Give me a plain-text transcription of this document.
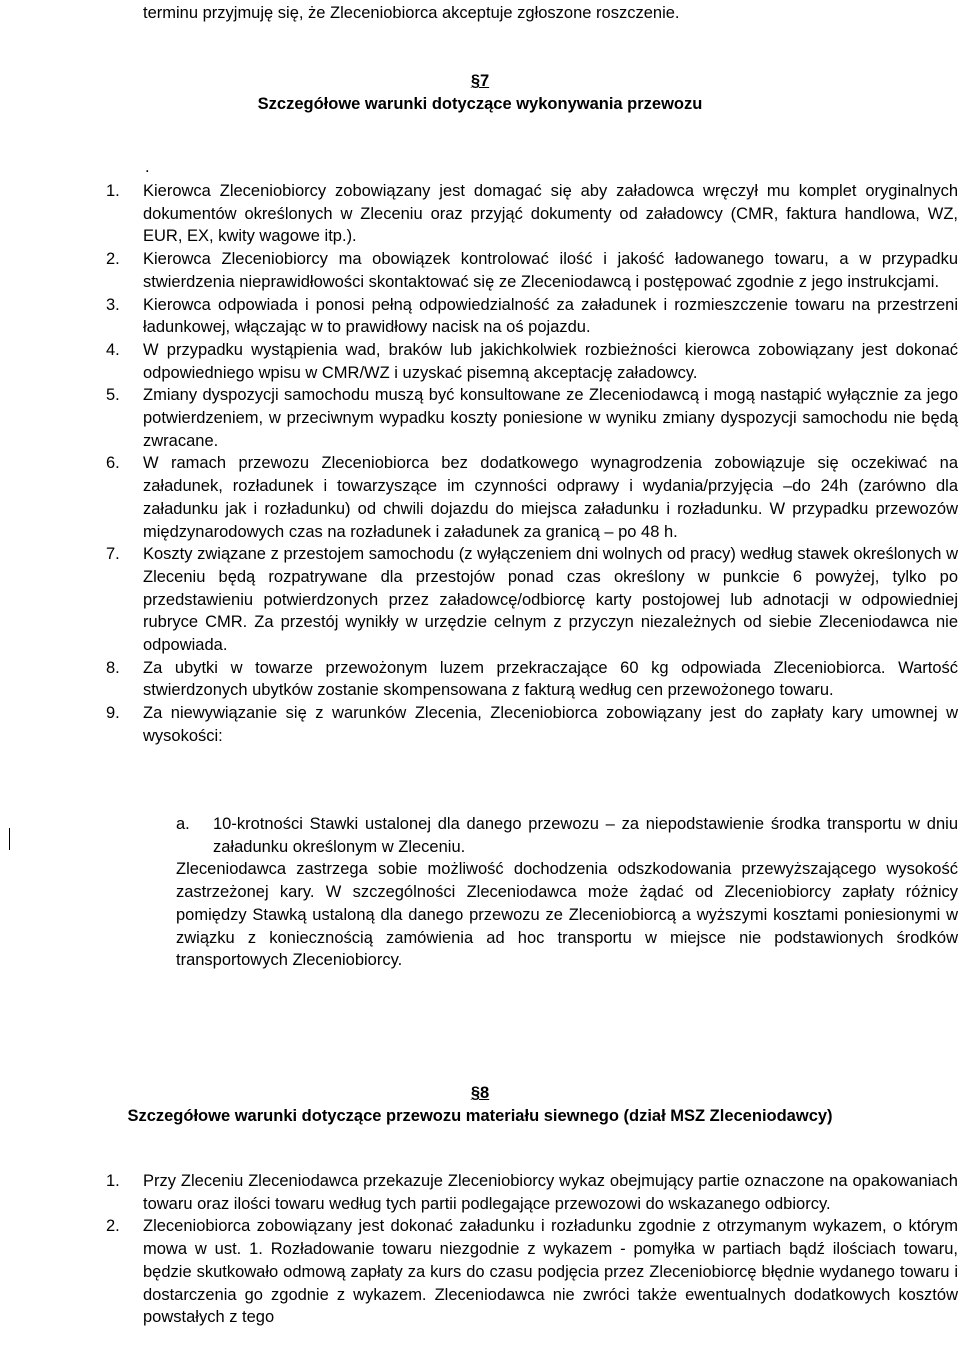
terminu przyjmuję się, że Zleceniobiorca akceptuje zgłoszone roszczenie.
§7
Szczegółowe warunki dotyczące wykonywania przewozu
.
1. Kierowca Zleceniobiorcy zobowiązany jest domagać się aby załadowca wręczył mu komplet oryginalnych dokumentów określonych w Zleceniu oraz przyjąć dokumenty od załadowcy (CMR, faktura handlowa, WZ, EUR, EX, kwity wagowe itp.).
2. Kierowca Zleceniobiorcy ma obowiązek kontrolować ilość i jakość ładowanego towaru, a w przypadku stwierdzenia nieprawidłowości skontaktować się ze Zleceniodawcą i postępować zgodnie z jego instrukcjami.
3. Kierowca odpowiada i ponosi pełną odpowiedzialność za załadunek i rozmieszczenie towaru na przestrzeni ładunkowej, włączając w to prawidłowy nacisk na oś pojazdu.
4. W przypadku wystąpienia wad, braków lub jakichkolwiek rozbieżności kierowca zobowiązany jest dokonać odpowiedniego wpisu w CMR/WZ i uzyskać pisemną akceptację załadowcy.
5. Zmiany dyspozycji samochodu muszą być konsultowane ze Zleceniodawcą i mogą nastąpić wyłącznie za jego potwierdzeniem, w przeciwnym wypadku koszty poniesione w wyniku zmiany dyspozycji samochodu nie będą zwracane.
6. W ramach przewozu Zleceniobiorca bez dodatkowego wynagrodzenia zobowiązuje się oczekiwać na załadunek, rozładunek i towarzyszące im czynności odprawy i wydania/przyjęcia –do 24h (zarówno dla załadunku jak i rozładunku) od chwili dojazdu do miejsca załadunku i rozładunku. W przypadku przewozów międzynarodowych czas na rozładunek i załadunek za granicą – po 48 h.
7. Koszty związane z przestojem samochodu (z wyłączeniem dni wolnych od pracy) według stawek określonych w Zleceniu będą rozpatrywane dla przestojów ponad czas określony w punkcie 6 powyżej, tylko po przedstawieniu potwierdzonych przez załadowcę/odbiorcę karty postojowej lub adnotacji w odpowiedniej rubryce CMR. Za przestój wynikły w urzędzie celnym z przyczyn niezależnych od siebie Zleceniodawca nie odpowiada.
8. Za ubytki w towarze przewożonym luzem przekraczające 60 kg odpowiada Zleceniobiorca. Wartość stwierdzonych ubytków zostanie skompensowana z fakturą według cen przewożonego towaru.
9. Za niewywiązanie się z warunków Zlecenia, Zleceniobiorca zobowiązany jest do zapłaty kary umownej w wysokości:
a.	10-krotności Stawki ustalonej dla danego przewozu – za niepodstawienie środka transportu w dniu załadunku określonym w Zleceniu.
Zleceniodawca zastrzega sobie możliwość dochodzenia odszkodowania przewyższającego wysokość zastrzeżonej kary. W szczególności Zleceniodawca może żądać od Zleceniobiorcy zapłaty różnicy pomiędzy Stawką ustaloną dla danego przewozu ze Zleceniobiorcą a wyższymi kosztami poniesionymi w związku z koniecznością zamówienia ad hoc transportu w miejsce nie podstawionych środków transportowych Zleceniobiorcy.
§8
Szczegółowe warunki dotyczące przewozu materiału siewnego (dział MSZ Zleceniodawcy)
1. Przy Zleceniu Zleceniodawca przekazuje Zleceniobiorcy wykaz obejmujący partie oznaczone na opakowaniach towaru oraz ilości towaru według tych partii podlegające przewozowi do wskazanego odbiorcy.
2. Zleceniobiorca zobowiązany jest dokonać załadunku i rozładunku zgodnie z otrzymanym wykazem, o którym mowa w ust. 1. Rozładowanie towaru niezgodnie z wykazem - pomyłka w partiach bądź ilościach towaru, będzie skutkowało odmową zapłaty za kurs do czasu podjęcia przez Zleceniobiorcę błędnie wydanego towaru i dostarczenia go zgodnie z wykazem. Zleceniodawca nie zwróci także ewentualnych dodatkowych kosztów powstałych z tego
